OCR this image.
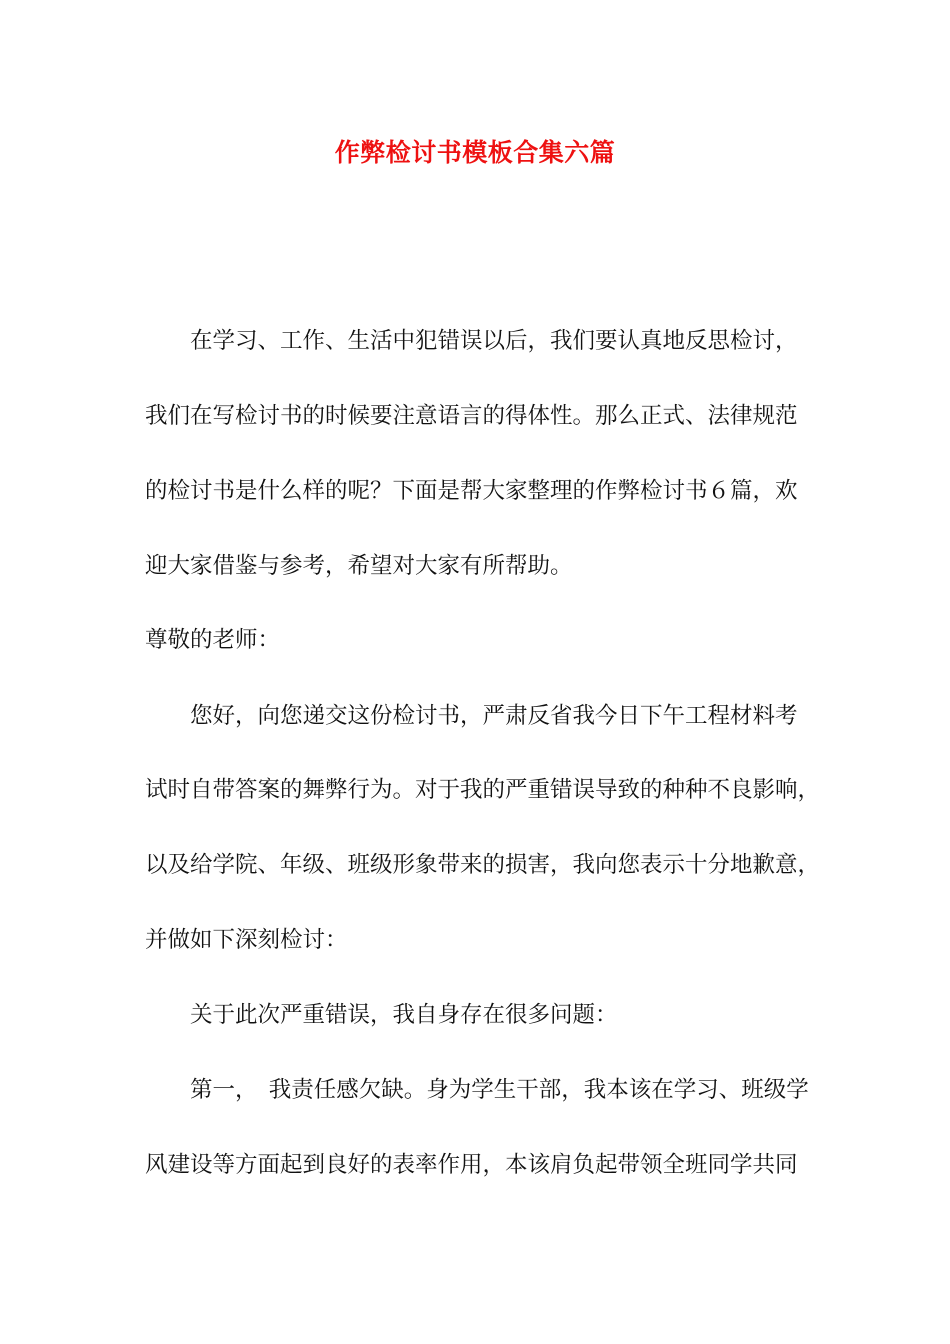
作弊检讨书模板合集六篇
在学习、工作、生活中犯错误以后，我们要认真地反思检讨，
我们在写检讨书的时候要注意语言的得体性。那么正式、法律规范
的检讨书是什么样的呢？下面是帮大家整理的作弊检讨书６篇，欢
迎大家借鉴与参考，希望对大家有所帮助。
尊敬的老师：
您好，向您递交这份检讨书，严肃反省我今日下午工程材料考
试时自带答案的舞弊行为。对于我的严重错误导致的种种不良影响，
以及给学院、年级、班级形象带来的损害，我向您表示十分地歉意，
并做如下深刻检讨：
关于此次严重错误，我自身存在很多问题：
第一，　我责任感欠缺。身为学生干部，我本该在学习、班级学
风建设等方面起到良好的表率作用，本该肩负起带领全班同学共同
